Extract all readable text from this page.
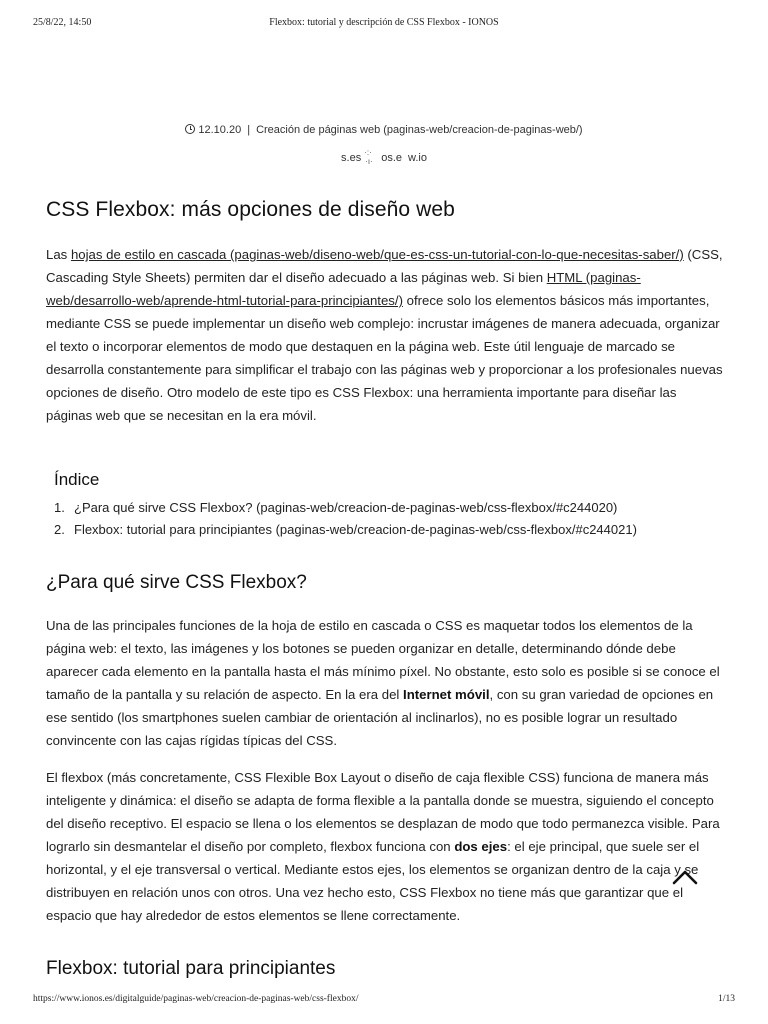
25/8/22, 14:50	Flexbox: tutorial y descripción de CSS Flexbox - IONOS
12.10.20 | Creación de páginas web (paginas-web/creacion-de-paginas-web/)
s.es·:· ·ı· os.e w.io
CSS Flexbox: más opciones de diseño web

Las hojas de estilo en cascada (paginas-web/diseno-web/que-es-css-un-tutorial-con-lo-que-necesitas-saber/) (CSS, Cascading Style Sheets) permiten dar el diseño adecuado a las páginas web. Si bien HTML (paginas-web/desarrollo-web/aprende-html-tutorial-para-principiantes/) ofrece solo los elementos básicos más importantes, mediante CSS se puede implementar un diseño web complejo: incrustar imágenes de manera adecuada, organizar el texto o incorporar elementos de modo que destaquen en la página web. Este útil lenguaje de marcado se desarrolla constantemente para simplificar el trabajo con las páginas web y proporcionar a los profesionales nuevas opciones de diseño. Otro modelo de este tipo es CSS Flexbox: una herramienta importante para diseñar las páginas web que se necesitan en la era móvil.

Índice
1. ¿Para qué sirve CSS Flexbox? (paginas-web/creacion-de-paginas-web/css-flexbox/#c244020)
2. Flexbox: tutorial para principiantes (paginas-web/creacion-de-paginas-web/css-flexbox/#c244021)
¿Para qué sirve CSS Flexbox?

Una de las principales funciones de la hoja de estilo en cascada o CSS es maquetar todos los elementos de la página web: el texto, las imágenes y los botones se pueden organizar en detalle, determinando dónde debe aparecer cada elemento en la pantalla hasta el más mínimo píxel. No obstante, esto solo es posible si se conoce el tamaño de la pantalla y su relación de aspecto. En la era del Internet móvil, con su gran variedad de opciones en ese sentido (los smartphones suelen cambiar de orientación al inclinarlos), no es posible lograr un resultado convincente con las cajas rígidas típicas del CSS.

El flexbox (más concretamente, CSS Flexible Box Layout o diseño de caja flexible CSS) funciona de manera más inteligente y dinámica: el diseño se adapta de forma flexible a la pantalla donde se muestra, siguiendo el concepto del diseño receptivo. El espacio se llena o los elementos se desplazan de modo que todo permanezca visible. Para lograrlo sin desmantelar el diseño por completo, flexbox funciona con dos ejes: el eje principal, que suele ser el horizontal, y el eje transversal o vertical. Mediante estos ejes, los elementos se organizan dentro de la caja y se distribuyen en relación unos con otros. Una vez hecho esto, CSS Flexbox no tiene más que garantizar que el espacio que hay alrededor de estos elementos se llene correctamente.

Flexbox: tutorial para principiantes
https://www.ionos.es/digitalguide/paginas-web/creacion-de-paginas-web/css-flexbox/	1/13
